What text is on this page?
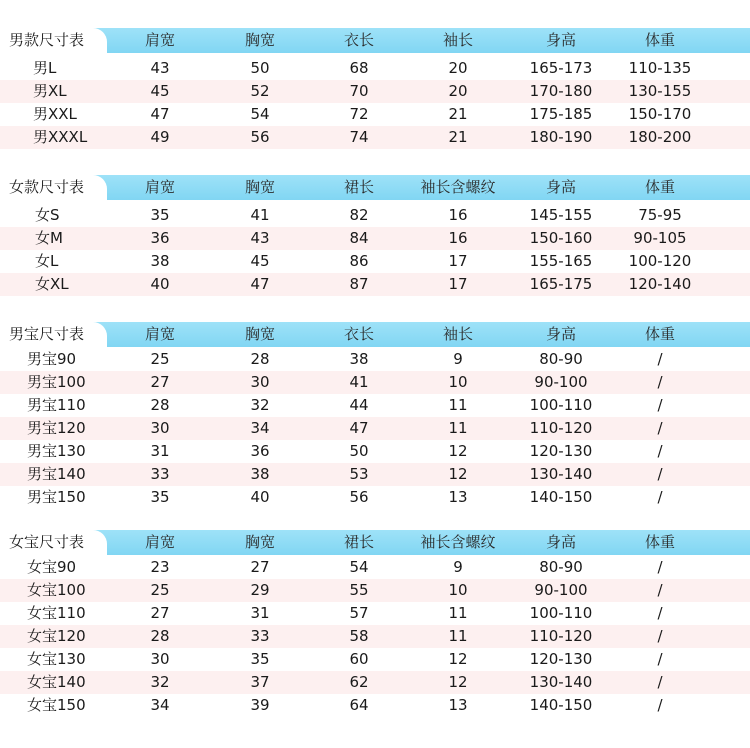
男款尺寸表	肩宽	胸宽	衣长	袖长	身高	体重
男L	43	50	68	20	165-173	110-135
男XL	45	52	70	20	170-180	130-155
男XXL	47	54	72	21	175-185	150-170
男XXXL	49	56	74	21	180-190	180-200
女款尺寸表	肩宽	胸宽	裙长	袖长含螺纹	身高	体重
女S	35	41	82	16	145-155	75-95
女M	36	43	84	16	150-160	90-105
女L	38	45	86	17	155-165	100-120
女XL	40	47	87	17	165-175	120-140
男宝尺寸表	肩宽	胸宽	衣长	袖长	身高	体重
男宝90	25	28	38	9	80-90	/
男宝100	27	30	41	10	90-100	/
男宝110	28	32	44	11	100-110	/
男宝120	30	34	47	11	110-120	/
男宝130	31	36	50	12	120-130	/
男宝140	33	38	53	12	130-140	/
男宝150	35	40	56	13	140-150	/
女宝尺寸表	肩宽	胸宽	裙长	袖长含螺纹	身高	体重
女宝90	23	27	54	9	80-90	/
女宝100	25	29	55	10	90-100	/
女宝110	27	31	57	11	100-110	/
女宝120	28	33	58	11	110-120	/
女宝130	30	35	60	12	120-130	/
女宝140	32	37	62	12	130-140	/
女宝150	34	39	64	13	140-150	/
